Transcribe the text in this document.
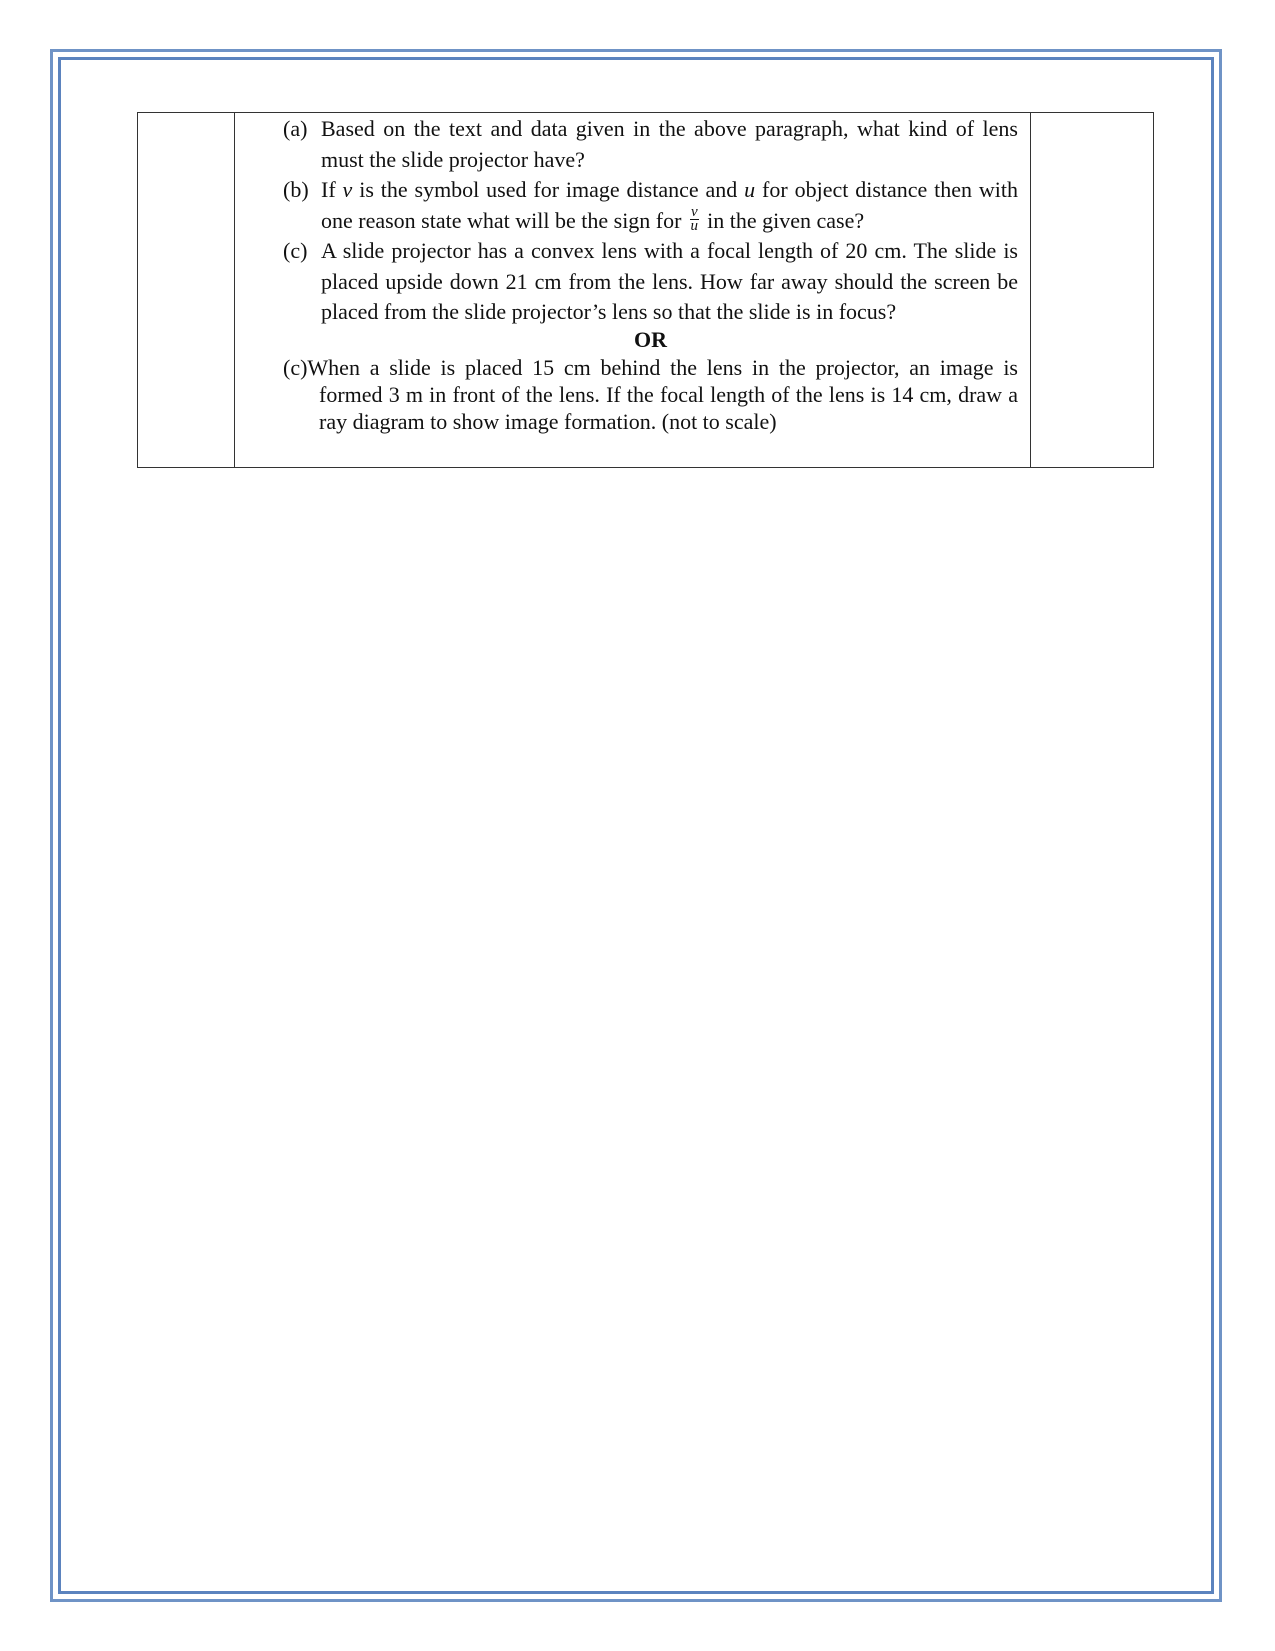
(a) Based on the text and data given in the above paragraph, what kind of lens must the slide projector have?
(b) If v is the symbol used for image distance and u for object distance then with one reason state what will be the sign for $\frac{v}{u}$ in the given case?
(c) A slide projector has a convex lens with a focal length of 20 cm. The slide is placed upside down 21 cm from the lens. How far away should the screen be placed from the slide projector’s lens so that the slide is in focus?
OR
(c)When a slide is placed 15 cm behind the lens in the projector, an image is formed 3 m in front of the lens. If the focal length of the lens is 14 cm, draw a ray diagram to show image formation. (not to scale)
